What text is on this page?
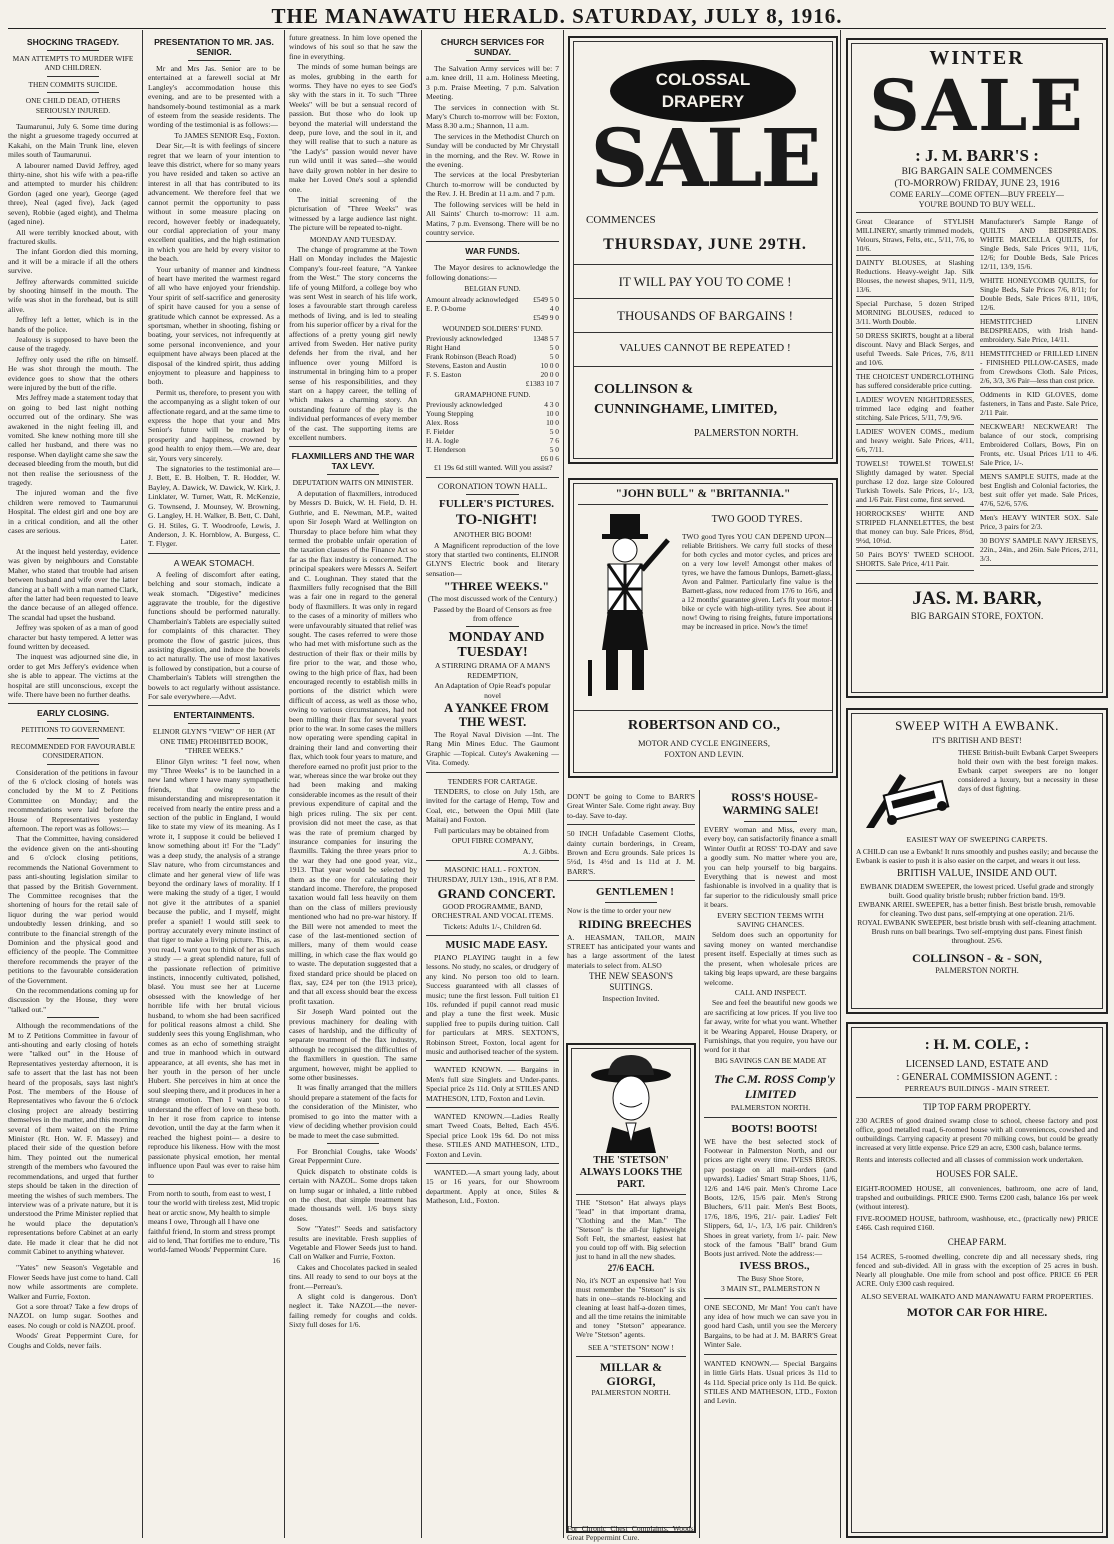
THE MANAWATU HERALD. SATURDAY, JULY 8, 1916.
SHOCKING TRAGEDY.

MAN ATTEMPTS TO MURDER WIFE AND CHILDREN.

THEN COMMITS SUICIDE.

ONE CHILD DEAD, OTHERS SERIOUSLY INJURED.

Taumarunui, July 6. Some time during the night a gruesome tragedy occurred at Kakahi, on the Main Trunk line, eleven miles south of Taumarunui.

A labourer named David Jeffrey, aged thirty-nine, shot his wife with a pea-rifle and attempted to murder his children: Gordon (aged one year), George (aged three), Neal (aged five), Jack (aged seven), Robbie (aged eight), and Thelma (aged nine).

All were terribly knocked about, with fractured skulls.

The infant Gordon died this morning, and it will be a miracle if all the others survive.

Jeffrey afterwards committed suicide by shooting himself in the mouth. The wife was shot in the forehead, but is still alive.

Jeffrey left a letter, which is in the hands of the police.

Jealousy is supposed to have been the cause of the tragedy.

Jeffrey only used the rifle on himself. He was shot through the mouth. The evidence goes to show that the others were injured by the butt of the rifle.

Mrs Jeffrey made a statement today that on going to bed last night nothing occurred out of the ordinary. She was awakened in the night feeling ill, and vomited. She knew nothing more till she called her husband, and there was no response. When daylight came she saw the deceased bleeding from the mouth, but did not then realise the seriousness of the tragedy.

The injured woman and the five children were removed to Taumarunui Hospital. The eldest girl and one boy are in a critical condition, and all the other cases are serious.

Later.

At the inquest held yesterday, evidence was given by neighbours and Constable Maher, who stated that trouble had arisen between husband and wife over the latter dancing at a ball with a man named Clark, after the latter had been requested to leave the dance because of an alleged offence. The scandal had upset the husband.

Jeffrey was spoken of as a man of good character but hasty tempered. A letter was found written by deceased.

The inquest was adjourned sine die, in order to get Mrs Jeffery's evidence when she is able to appear. The victims at the hospital are still unconscious, except the wife. There have been no further deaths.

EARLY CLOSING.

PETITIONS TO GOVERNMENT.

RECOMMENDED FOR FAVOURABLE CONSIDERATION.

Consideration of the petitions in favour of the 6 o'clock closing of hotels was concluded by the M to Z Petitions Committee on Monday; and the recommendations were laid before the House of Representatives yesterday afternoon. The report was as follows:—

That the Committee, having considered the evidence given on the anti-shouting and 6 o'clock closing petitions, recommends the National Government to pass anti-shouting legislation similar to that passed by the British Government. The Committee recognises that the shortening of hours for the retail sale of liquor during the war period would undoubtedly lessen drinking, and so contribute to the financial strength of the Dominion and the physical good and efficiency of the people. The Committee therefore recommends the prayer of the petitions to the favourable consideration of the Government.

On the recommendations coming up for discussion by the House, they were "talked out."

Although the recommendations of the M to Z Petitions Committee in favour of anti-shouting and early closing of hotels were "talked out" in the House of Representatives yesterday afternoon, it is safe to assert that the last has not been heard of the proposals, says last night's Post. The members of the House of Representatives who favour the 6 o'clock closing project are already bestirring themselves in the matter, and this morning several of them waited on the Prime Minister (Rt. Hon. W. F. Massey) and placed their side of the question before him. They pointed out the numerical strength of the members who favoured the recommendations, and urged that further steps should be taken in the direction of meeting the wishes of such members. The interview was of a private nature, but it is understood the Prime Minister replied that he would place the deputation's representations before Cabinet at an early date. He made it clear that he did not commit Cabinet to anything whatever.

"Yates" new Season's Vegetable and Flower Seeds have just come to hand. Call now while assortments are complete. Walker and Furrie, Foxton.

Got a sore throat? Take a few drops of NAZOL on lump sugar. Soothes and eases. No cough or cold is NAZOL proof.

Woods' Great Peppermint Cure, for Coughs and Colds, never fails.

PRESENTATION TO MR. JAS. SENIOR.

Mr and Mrs Jas. Senior are to be entertained at a farewell social at Mr Langley's accommodation house this evening, and are to be presented with a handsomely-bound testimonial as a mark of esteem from the seaside residents. The wording of the testimonial is as follows:—

To JAMES SENIOR Esq., Foxton.

Dear Sir,—It is with feelings of sincere regret that we learn of your intention to leave this district, where for so many years you have resided and taken so active an interest in all that has contributed to its advancement. We therefore feel that we cannot permit the opportunity to pass without in some measure placing on record, however feebly or inadequately, our cordial appreciation of your many excellent qualities, and the high estimation in which you are held by every visitor to the beach.

Your urbanity of manner and kindness of heart have merited the warmest regard of all who have enjoyed your friendship. Your spirit of self-sacrifice and generosity of spirit have caused for you a sense of gratitude which cannot be expressed. As a sportsman, whether in shooting, fishing or boating, your services, not infrequently at some personal inconvenience, and your equipment have always been placed at the disposal of the kindred spirit, thus adding enjoyment to pleasure and happiness to both.

Permit us, therefore, to present you with the accompanying as a slight token of our affectionate regard, and at the same time to express the hope that your and Mrs Senior's future will be marked by prosperity and happiness, crowned by good health to enjoy them.—We are, dear sir, Yours very sincerely.

The signatories to the testimonial are—J. Bett, E. B. Holben, T. R. Hodder, W. Bayley, A. Dawick, W. Dawick, W. Kirk, J. Linklater, W. Turner, Watt, R. McKenzie, G. Townsend, J. Mounsey, W. Browning, G. Langley, H. H. Walker, B. Bett, C. Dahl, G. H. Stiles, G. T. Woodroofe, Lewis, J. Anderson, J. K. Hornblow, A. Burgess, C. T. Flyger.

A WEAK STOMACH.

A feeling of discomfort after eating, belching and sour stomach, indicate a weak stomach. "Digestive" medicines aggravate the trouble, for the digestive functions should be performed naturally. Chamberlain's Tablets are especially suited for complaints of this character. They promote the flow of gastric juices, thus assisting digestion, and induce the bowels to act naturally. The use of most laxatives is followed by constipation, but a course of Chamberlain's Tablets will strengthen the bowels to act regularly without assistance. For sale everywhere.—Advt.

ENTERTAINMENTS.

ELINOR GLYN'S "VIEW" OF HER (AT ONE TIME) PROHIBITED BOOK, "THREE WEEKS."

Elinor Glyn writes: "I feel now, when my "Three Weeks" is to be launched in a new land where I have many sympathetic friends, that owing to the misunderstanding and misrepresentation it received from nearly the entire press and a section of the public in England, I would like to state my view of its meaning. As I wrote it, I suppose it could be believed I know something about it! For the "Lady" was a deep study, the analysis of a strange Slav nature, who from circumstances and climate and her general view of life was beyond the ordinary laws of morality. If I were making the study of a tiger, I would not give it the attributes of a spaniel because the public, and I myself, might prefer a spaniel! I would still seek to portray accurately every minute instinct of that tiger to make a living picture. This, as you read, I want you to think of her as such a study — a great splendid nature, full of the passionate reflection of primitive instincts, innocently cultivated, polished, blasé. You must see her at Lucerne obsessed with the knowledge of her horrible life with her brutal vicious husband, to whom she had been sacrificed for political reasons almost a child. She suddenly sees this young Englishman, who comes as an echo of something straight and true in manhood which in outward appearance, at all events, she has met in her youth in the person of her uncle Hubert. She perceives in him at once the soul sleeping there, and it produces in her a strange emotion. Then I want you to understand the effect of love on these both. In her it rose from caprice to intense devotion, until the day at the farm when it reached the highest point— a desire to reproduce his likeness. How with the most passionate physical emotion, her mental influence upon Paul was ever to raise him to

From north to south, from east to west, I tour the world with tireless zest, Mid tropic heat or arctic snow, My health to simple means I owe, Through all I have one faithful friend, In storm and stress prompt aid to lend, That fortifies me to endure, 'Tis world-famed Woods' Peppermint Cure.

16

future greatness. In him love opened the windows of his soul so that he saw the fine in everything.

The minds of some human beings are as moles, grubbing in the earth for worms. They have no eyes to see God's sky with the stars in it. To such "Three Weeks" will be but a sensual record of passion. But those who do look up beyond the material will understand the deep, pure love, and the soul in it, and they will realise that to such a nature as "the Lady's" passion would never have run wild until it was sated—she would have daily grown nobler in her desire to make her Loved One's soul a splendid one.

The initial screening of the picturisation of "Three Weeks" was witnessed by a large audience last night. The picture will be repeated to-night.

MONDAY AND TUESDAY.

The change of programme at the Town Hall on Monday includes the Majestic Company's four-reel feature, "A Yankee from the West." The story concerns the life of young Milford, a college boy who was sent West in search of his life work, loses a favourable start through careless methods of living, and is led to stealing from his superior officer by a rival for the affections of a pretty young girl newly arrived from Sweden. Her native purity defends her from the rival, and her influence over young Milford is instrumental in bringing him to a proper sense of his responsibilities, and they start on a happy career, the telling of which makes a charming story. An outstanding feature of the play is the individual performances of every member of the cast. The supporting items are excellent numbers.

FLAXMILLERS AND THE WAR TAX LEVY.

DEPUTATION WAITS ON MINISTER.

A deputation of flaxmillers, introduced by Messrs D. Buick, W. H. Field, D. H. Guthrie, and E. Newman, M.P., waited upon Sir Joseph Ward at Wellington on Thursday to place before him what they termed the probable unfair operation of the taxation clauses of the Finance Act so far as the flax industry is concerned. The principal speakers were Messrs A. Seifert and C. Loughnan. They stated that the flaxmillers fully recognised that the Bill was a fair one in regard to the general body of flaxmillers. It was only in regard to the cases of a minority of millers who were unfavourably situated that relief was sought. The cases referred to were those who had met with misfortune such as the destruction of their flax or their mills by fire prior to the war, and those who, owing to the high price of flax, had been encouraged recently to establish mills in portions of the district which were difficult of access, as well as those who, owing to various circumstances, had not been milling their flax for several years prior to the war. In some cases the millers now operating were spending capital in draining their land and converting their flax, which took four years to mature, and therefore earned no profit just prior to the war, whereas since the war broke out they had been making and making considerable incomes as the result of their previous expenditure of capital and the high prices ruling. The six per cent. provision did not meet the case, as that was the rate of premium charged by insurance companies for insuring the flaxmills. Taking the three years prior to the war they had one good year, viz., 1913. That year would be selected by them as the one for calculating their standard income. Therefore, the proposed taxation would fall less heavily on them than on the class of millers previously mentioned who had no pre-war history. If the Bill were not amended to meet the case of the last-mentioned section of millers, many of them would cease milling, in which case the flax would go to waste. The deputation suggested that a fixed standard price should be placed on flax, say, £24 per ton (the 1913 price), and that all excess should bear the excess profit taxation.

Sir Joseph Ward pointed out the previous machinery for dealing with cases of hardship, and the difficulty of separate treatment of the flax industry, although he recognised the difficulties of the flaxmillers in question. The same argument, however, might be applied to some other businesses.

It was finally arranged that the millers should prepare a statement of the facts for the consideration of the Minister, who promised to go into the matter with a view of deciding whether provision could be made to meet the case submitted.

For Bronchial Coughs, take Woods' Great Peppermint Cure.

Quick dispatch to obstinate colds is certain with NAZOL. Some drops taken on lump sugar or inhaled, a little rubbed on the chest, that simple treatment has made thousands well. 1/6 buys sixty doses.

Sow "Yates!" Seeds and satisfactory results are inevitable. Fresh supplies of Vegetable and Flower Seeds just to hand. Call on Walker and Furrie, Foxton.

Cakes and Chocolates packed in sealed tins. All ready to send to our boys at the front.—Perreau's.

A slight cold is dangerous. Don't neglect it. Take NAZOL—the never-failing remedy for coughs and colds. Sixty full doses for 1/6.

CHURCH SERVICES FOR SUNDAY.

The Salvation Army services will be: 7 a.m. knee drill, 11 a.m. Holiness Meeting, 3 p.m. Praise Meeting, 7 p.m. Salvation Meeting.

The services in connection with St. Mary's Church to-morrow will be: Foxton, Mass 8.30 a.m.; Shannon, 11 a.m.

The services in the Methodist Church on Sunday will be conducted by Mr Chrystall in the morning, and the Rev. W. Rowe in the evening.

The services at the local Presbyterian Church to-morrow will be conducted by the Rev. J. H. Bredin at 11 a.m. and 7 p.m.

The following services will be held in All Saints' Church to-morrow: 11 a.m. Matins, 7 p.m. Evensong. There will be no country service.

WAR FUNDS.

The Mayor desires to acknowledge the following donations:—

BELGIAN FUND.

Amount already acknowledged £549 5 0
E. P. O-borne	4 0
£549 9 0

WOUNDED SOLDIERS' FUND.

Previously acknowledged	1348 5 7
Right Hand	5 0
Frank Robinson (Beach Road)	5 0
Stevens, Easton and Austin	10 0 0
F. S. Easton	20 0 0
£1383 10 7

GRAMAPHONE FUND.

Previously acknowledged	4 3 0
Young Stepping	10 0
Alex. Ross	10 0
F. Fielder	5 0
H. A. Iogle	7 6
T. Henderson	5 0
£6 0 6

£1 19s 6d still wanted. Will you assist?

CORONATION TOWN HALL.

FULLER'S PICTURES.

TO-NIGHT!

ANOTHER BIG BOOM!

A Magnificent reproduction of the love story that startled two continents, ELINOR GLYN'S Electric book and literary sensation—

"THREE WEEKS."

(The most discussed work of the Century.)

Passed by the Board of Censors as free from offence

MONDAY AND TUESDAY!

A STIRRING DRAMA OF A MAN'S REDEMPTION,

An Adaptation of Opie Read's popular novel

A YANKEE FROM THE WEST.

The Royal Naval Division —Int. The Rang Min Mines Educ. The Gaumont Graphic —Topical. Cutey's Awakening —Vita. Comedy.

TENDERS FOR CARTAGE.

TENDERS, to close on July 15th, are invited for the cartage of Hemp, Tow and Coal, etc., between the Opui Mill (late Maitai) and Foxton.

Full particulars may be obtained from

OPUI FIBRE COMPANY,

A. J. Gibbs.

MASONIC HALL - FOXTON.

THURSDAY, JULY 13th., 1916, AT 8 P.M.

GRAND CONCERT.

GOOD PROGRAMME, BAND, ORCHESTRAL AND VOCAL ITEMS.

Tickets: Adults 1/-, Children 6d.

MUSIC MADE EASY.

PIANO PLAYING taught in a few lessons. No study, no scales, or drudgery of any kind. No person too old to learn. Success guaranteed with all classes of music; tune the first lesson. Full tuition £1 10s. refunded if pupil cannot read music and play a tune the first week. Music supplied free to pupils during tuition. Call for particulars at MRS. SEXTON'S, Robinson Street, Foxton, local agent for music and authorised teacher of the system.

WANTED KNOWN. — Bargains in Men's full size Singlets and Under-pants. Special price 2s 11d. Only at STILES AND MATHESON, LTD, Foxton and Levin.

WANTED KNOWN.—Ladies Really smart Tweed Coats, Belted, Each 45/6. Special price Look 19s 6d. Do not miss these. STILES AND MATHESON, LTD., Foxton and Levin.

WANTED.—A smart young lady, about 15 or 16 years, for our Showroom department. Apply at once, Stiles & Matheson, Ltd., Foxton.

COLOSSAL
DRAPERY
SALE
COMMENCES
THURSDAY, JUNE 29TH.
IT WILL PAY YOU TO COME !
THOUSANDS OF BARGAINS !
VALUES CANNOT BE REPEATED !
COLLINSON &
CUNNINGHAME, LIMITED,
PALMERSTON NORTH.
"JOHN BULL" & "BRITANNIA."
TWO GOOD TYRES.
TWO good Tyres YOU CAN DEPEND UPON—reliable Britishers. We carry full stocks of these for both cycles and motor cycles, and prices are on a very low level! Amongst other makes of tyres, we have the famous Dunlops, Barnett-glass, Avon and Palmer. Particularly fine value is the Barnett-glass, now reduced from 17/6 to 16/6, and a 12 months' guarantee given. Let's fit your motor-bike or cycle with high-utility tyres. See about it now! Owing to rising freights, future importations may be increased in price. Now's the time!
ROBERTSON AND CO.,
MOTOR AND CYCLE ENGINEERS,
FOXTON AND LEVIN.

DON'T be going to Come to BARR'S Great Winter Sale. Come right away. Buy to-day. Save to-day.

50 INCH Unfadable Casement Cloths, dainty curtain borderings, in Cream, Brown and Ecru grounds. Sale prices 1s 5½d, 1s 4½d and 1s 11d at J. M. BARR'S.

GENTLEMEN !

Now is the time to order your new

RIDING BREECHES

A. HEASMAN, TAILOR, MAIN STREET has anticipated your wants and has a large assortment of the latest materials to select from. ALSO

THE NEW SEASON'S SUITINGS.

Inspection Invited.

THE 'STETSON' ALWAYS LOOKS THE PART.
THE "Stetson" Hat always plays "lead" in that important drama, "Clothing and the Man." The "Stetson" is the all-fur lightweight Soft Felt, the smartest, easiest hat you could top off with. Big selection just to hand in all the new shades.
27/6 EACH.
No, it's NOT an expensive hat! You must remember the "Stetson" is six hats in one—stands re-blocking and cleaning at least half-a-dozen times, and all the time retains the inimitable and toney "Stetson" appearance. We're "Stetson" agents.
SEE A "STETSON" NOW !
MILLAR &
GIORGI,
PALMERSTON NORTH.

For Chronic Chest Complaints, Woods' Great Peppermint Cure.

ROSS'S HOUSE-WARMING SALE!

EVERY woman and Miss, every man, every boy, can satisfactorily finance a small Winter Outfit at ROSS' TO-DAY and save a goodly sum. No matter where you are, you can help yourself to big bargains. Everything that is newest and most fashionable is involved in a quality that is far superior to the ridiculously small price it bears.

EVERY SECTION TEEMS WITH SAVING CHANCES.

Seldom does such an opportunity for saving money on wanted merchandise present itself. Especially at times such as the present, when wholesale prices are taking big leaps upward, are these bargains welcome.

CALL AND INSPECT.

See and feel the beautiful new goods we are sacrificing at low prices. If you live too far away, write for what you want. Whether it be Wearing Apparel, House Drapery, or Furnishings, that you require, you have our word for it that

BIG SAVINGS CAN BE MADE AT

The C.M. ROSS Comp'y LIMITED

PALMERSTON NORTH.

BOOTS! BOOTS!

WE have the best selected stock of Footwear in Palmerston North, and our prices are right every time. IVESS BROS. pay postage on all mail-orders (and upwards). Ladies' Smart Strap Shoes, 11/6, 12/6 and 14/6 pair. Men's Chrome Lace Boots, 12/6, 15/6 pair. Men's Strong Bluchers, 6/11 pair. Men's Best Boots, 17/6, 18/6, 19/6, 21/- pair. Ladies' Felt Slippers, 6d, 1/-, 1/3, 1/6 pair. Children's Shoes in great variety, from 1/- pair. New stock of the famous "Ball" brand Gum Boots just arrived. Note the address:—

IVESS BROS.,

The Busy Shoe Store,

3 MAIN ST., PALMERSTON N

ONE SECOND, Mr Man! You can't have any idea of how much we can save you in good hard Cash, until you see the Mercery Bargains, to be had at J. M. BARR'S Great Winter Sale.

WANTED KNOWN.— Special Bargains in little Girls Hats. Usual prices 3s 11d to 4s 11d. Special price only 1s 11d. Be quick. STILES AND MATHESON, LTD., Foxton and Levin.

WINTER
SALE
: J. M. BARR'S :
BIG BARGAIN SALE COMMENCES
(TO-MORROW) FRIDAY, JUNE 23, 1916
COME EARLY—COME OFTEN—BUY FREELY—
YOU'RE BOUND TO BUY WELL.
Great Clearance of STYLISH MILLINERY, smartly trimmed models, Velours, Straws, Felts, etc., 5/11, 7/6, to 10/6.
DAINTY BLOUSES, at Slashing Reductions. Heavy-weight Jap. Silk Blouses, the newest shapes, 9/11, 11/9, 13/6.
Special Purchase, 5 dozen Striped MORNING BLOUSES, reduced to 3/11. Worth Double.
50 DRESS SKIRTS, bought at a liberal discount. Navy and Black Serges, and useful Tweeds. Sale Prices, 7/6, 8/11 and 10/6.
THE CHOICEST UNDERCLOTHING has suffered considerable price cutting.
LADIES' WOVEN NIGHTDRESSES, trimmed lace edging and feather stitching. Sale Prices, 5/11, 7/9, 9/6.
LADIES' WOVEN COMS., medium and heavy weight. Sale Prices, 4/11, 6/6, 7/11.
TOWELS! TOWELS! TOWELS! Slightly damaged by water. Special purchase 12 doz. large size Coloured Turkish Towels. Sale Prices, 1/-, 1/3, and 1/6 Pair. First come, first served.
HORROCKSES' WHITE AND STRIPED FLANNELETTES, the best that money can buy. Sale Prices, 8½d, 9½d, 10½d.
50 Pairs BOYS' TWEED SCHOOL SHORTS. Sale Price, 4/11 Pair.
Manufacturer's Sample Range of QUILTS AND BEDSPREADS. WHITE MARCELLA QUILTS, for Single Beds, Sale Prices 9/11, 11/6, 12/6; for Double Beds, Sale Prices 12/11, 13/9, 15/6.
WHITE HONEYCOMB QUILTS, for Single Beds, Sale Prices 7/6, 8/11; for Double Beds, Sale Prices 8/11, 10/6, 12/6.
HEMSTITCHED LINEN BEDSPREADS, with Irish hand-embroidery. Sale Price, 14/11.
HEMSTITCHED or FRILLED LINEN - FINISHED PILLOW-CASES, made from Crewdsons Cloth. Sale Prices, 2/6, 3/3, 3/6 Pair—less than cost price.
Oddments in KID GLOVES, dome fasteners, in Tans and Paste. Sale Price, 2/11 Pair.
NECKWEAR! NECKWEAR! The balance of our stock, comprising Embroidered Collars, Bows, Pin on Fronts, etc. Usual Prices 1/11 to 4/6. Sale Price, 1/-.
MEN'S SAMPLE SUITS, made at the best English and Colonial factories, the best suit offer yet made. Sale Prices, 47/6, 52/6, 57/6.
Men's HEAVY WINTER SOX. Sale Price, 3 pairs for 2/3.
30 BOYS' SAMPLE NAVY JERSEYS, 22in., 24in., and 26in. Sale Prices, 2/11, 3/3.
JAS. M. BARR,
BIG BARGAIN STORE, FOXTON.
SWEEP WITH A EWBANK.
IT'S BRITISH AND BEST!
THESE British-built Ewbank Carpet Sweepers hold their own with the best foreign makes. Ewbank carpet sweepers are no longer considered a luxury, but a necessity in these days of dust fighting.
EASIEST WAY OF SWEEPING CARPETS.
A CHILD can use a Ewbank! It runs smoothly and pushes easily; and because the Ewbank is easier to push it is also easier on the carpet, and wears it out less.
BRITISH VALUE, INSIDE AND OUT.
EWBANK DIADEM SWEEPER, the lowest priced. Useful grade and strongly built. Good quality bristle brush; rubber friction band. 19/9.
EWBANK ARIEL SWEEPER, has a better finish. Best bristle brush, removable for cleaning. Two dust pans, self-emptying at one operation. 21/6.
ROYAL EWBANK SWEEPER, best bristle brush with self-cleaning attachment. Brush runs on ball bearings. Two self-emptying dust pans. Finest finish throughout. 25/6.
COLLINSON - & - SON,
PALMERSTON NORTH.
: H. M. COLE, :
LICENSED LAND, ESTATE AND
: GENERAL COMMISSION AGENT. :
PERREAU'S BUILDINGS - MAIN STREET.
TIP TOP FARM PROPERTY.
230 ACRES of good drained swamp close to school, cheese factory and post office, good metalled road, 6-roomed house with all conveniences, cowshed and outbuildings. Carrying capacity at present 70 milking cows, but could be greatly increased at very little expense. Price £29 an acre, £300 cash, balance terms.
Rents and interests collected and all classes of commission work undertaken.
HOUSES FOR SALE.
EIGHT-ROOMED HOUSE, all conveniences, bathroom, one acre of land, trapshed and outbuildings. PRICE £900. Terms £200 cash, balance 16s per week (without interest).
FIVE-ROOMED HOUSE, bathroom, washhouse, etc., (practically new) PRICE £466. Cash required £160.
CHEAP FARM.
154 ACRES, 5-roomed dwelling, concrete dip and all necessary sheds, ring fenced and sub-divided. All in grass with the exception of 25 acres in bush. Nearly all ploughable. One mile from school and post office. PRICE £6 PER ACRE. Only £300 cash required.
ALSO SEVERAL WAIKATO AND MANAWATU FARM PROPERTIES.
MOTOR CAR FOR HIRE.
